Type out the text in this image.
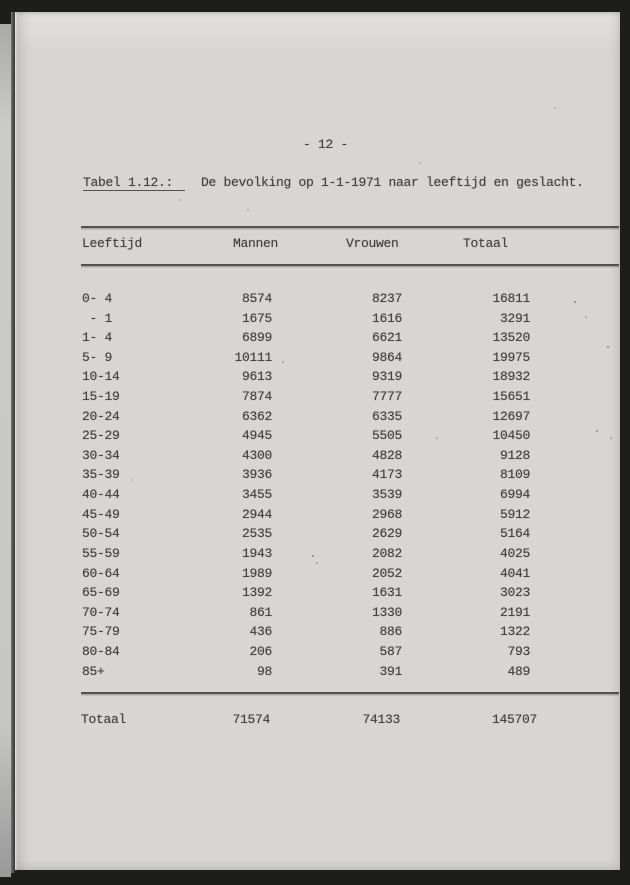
- 12 -
Tabel 1.12.: De bevolking op 1-1-1971 naar leeftijd en geslacht.
Leeftijd	Mannen	Vrouwen	Totaal
0- 4	8574	8237	16811
- 1	1675	1616	3291
1- 4	6899	6621	13520
5- 9	10111	9864	19975
10-14	9613	9319	18932
15-19	7874	7777	15651
20-24	6362	6335	12697
25-29	4945	5505	10450
30-34	4300	4828	9128
35-39	3936	4173	8109
40-44	3455	3539	6994
45-49	2944	2968	5912
50-54	2535	2629	5164
55-59	1943	2082	4025
60-64	1989	2052	4041
65-69	1392	1631	3023
70-74	861	1330	2191
75-79	436	886	1322
80-84	206	587	793
85+	98	391	489
Totaal	71574	74133	145707
